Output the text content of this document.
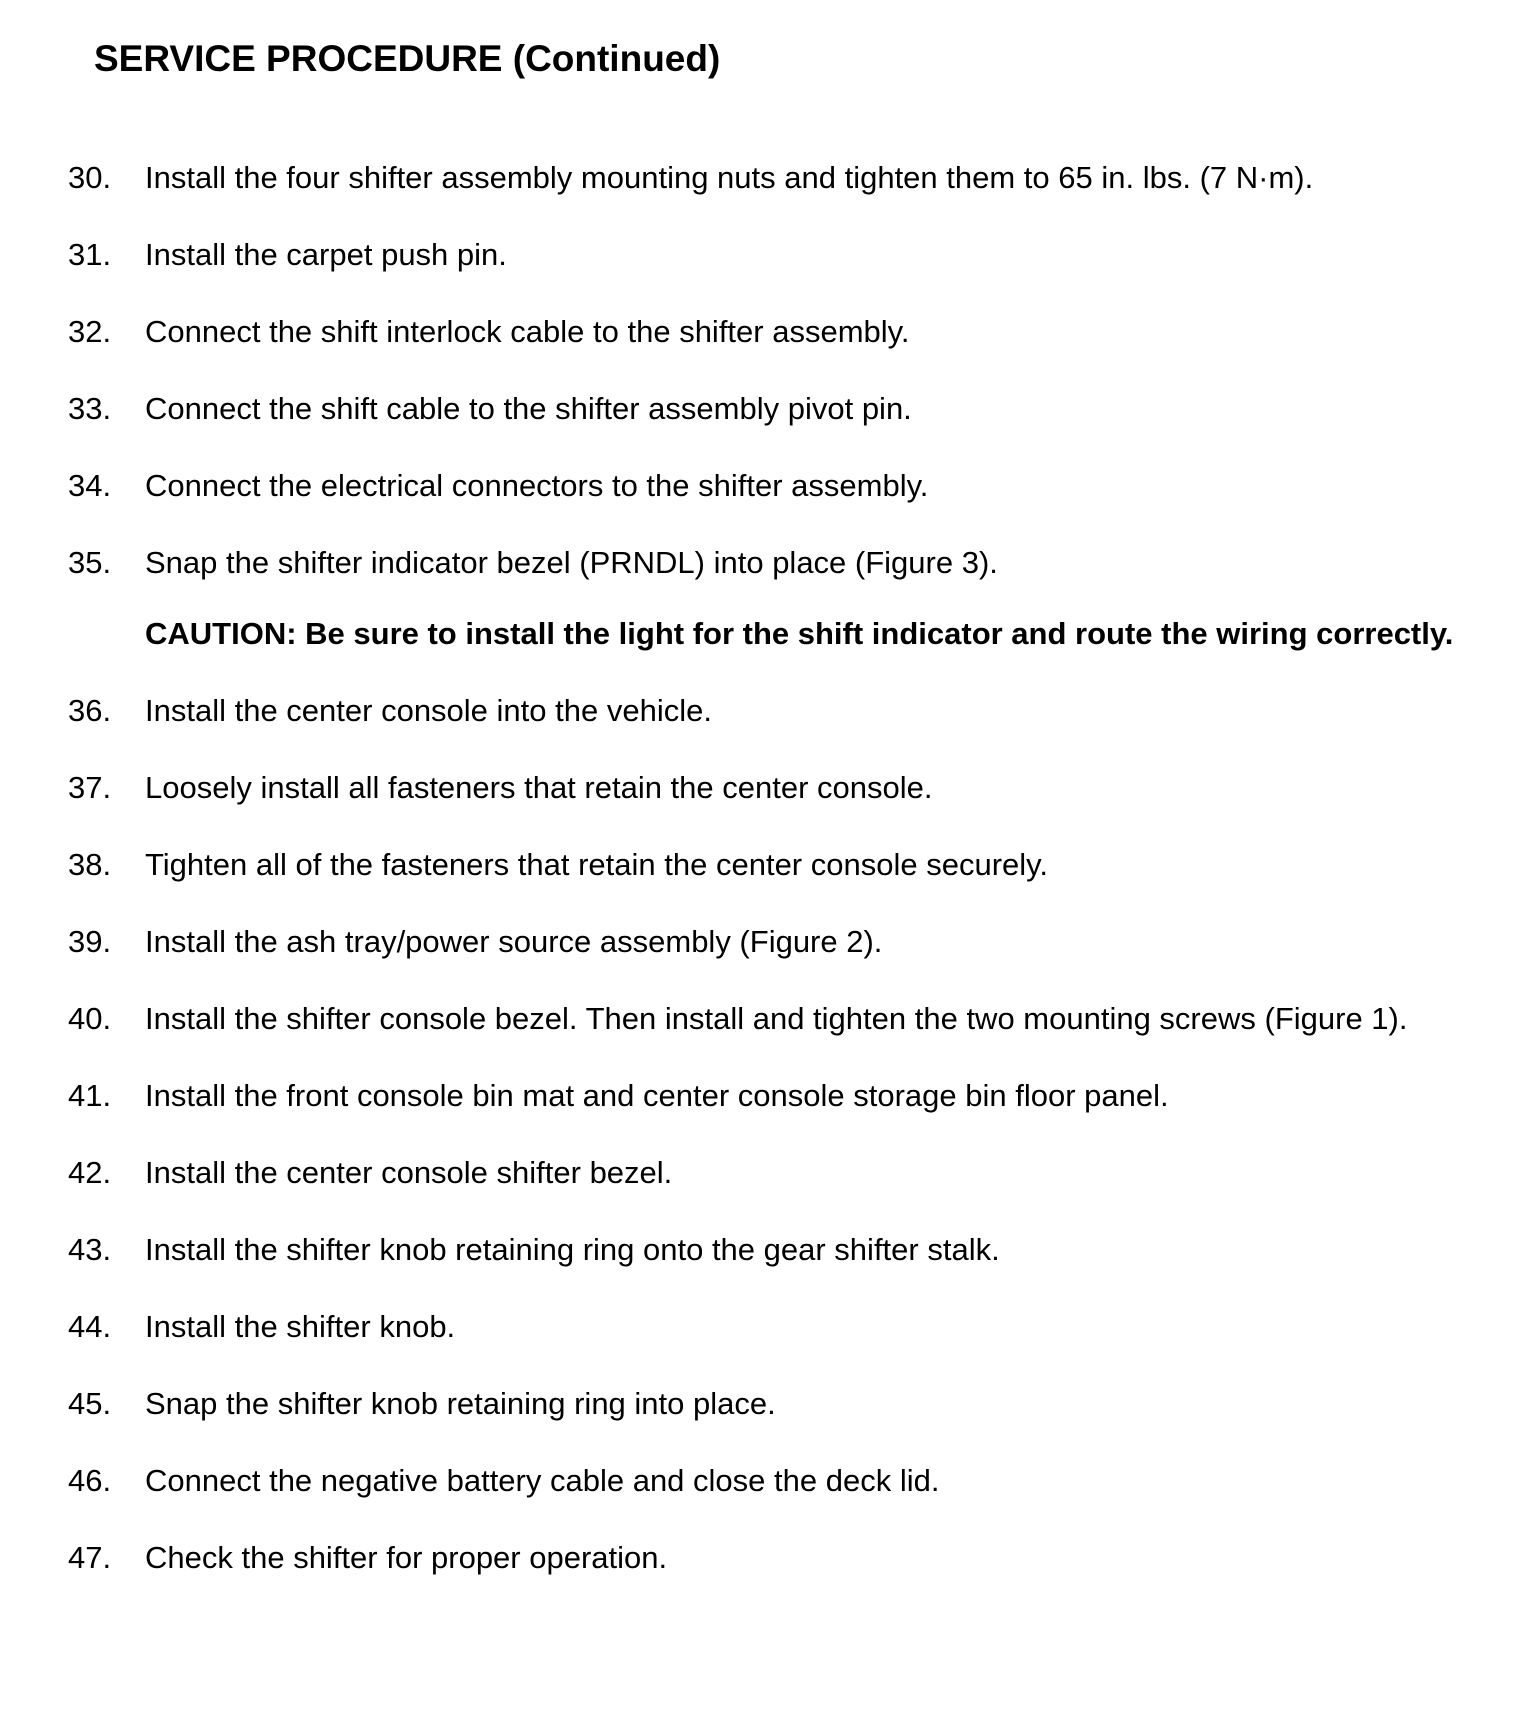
SERVICE PROCEDURE (Continued)

30.	Install the four shifter assembly mounting nuts and tighten them to 65 in. lbs. (7 N·m).

31.	Install the carpet push pin.

32.	Connect the shift interlock cable to the shifter assembly.

33.	Connect the shift cable to the shifter assembly pivot pin.

34.	Connect the electrical connectors to the shifter assembly.

35.	Snap the shifter indicator bezel (PRNDL) into place (Figure 3).

CAUTION: Be sure to install the light for the shift indicator and route the wiring correctly.

36.	Install the center console into the vehicle.

37.	Loosely install all fasteners that retain the center console.

38.	Tighten all of the fasteners that retain the center console securely.

39.	Install the ash tray/power source assembly (Figure 2).

40.	Install the shifter console bezel. Then install and tighten the two mounting screws (Figure 1).

41.	Install the front console bin mat and center console storage bin floor panel.

42.	Install the center console shifter bezel.

43.	Install the shifter knob retaining ring onto the gear shifter stalk.

44.	Install the shifter knob.

45.	Snap the shifter knob retaining ring into place.

46.	Connect the negative battery cable and close the deck lid.

47.	Check the shifter for proper operation.
